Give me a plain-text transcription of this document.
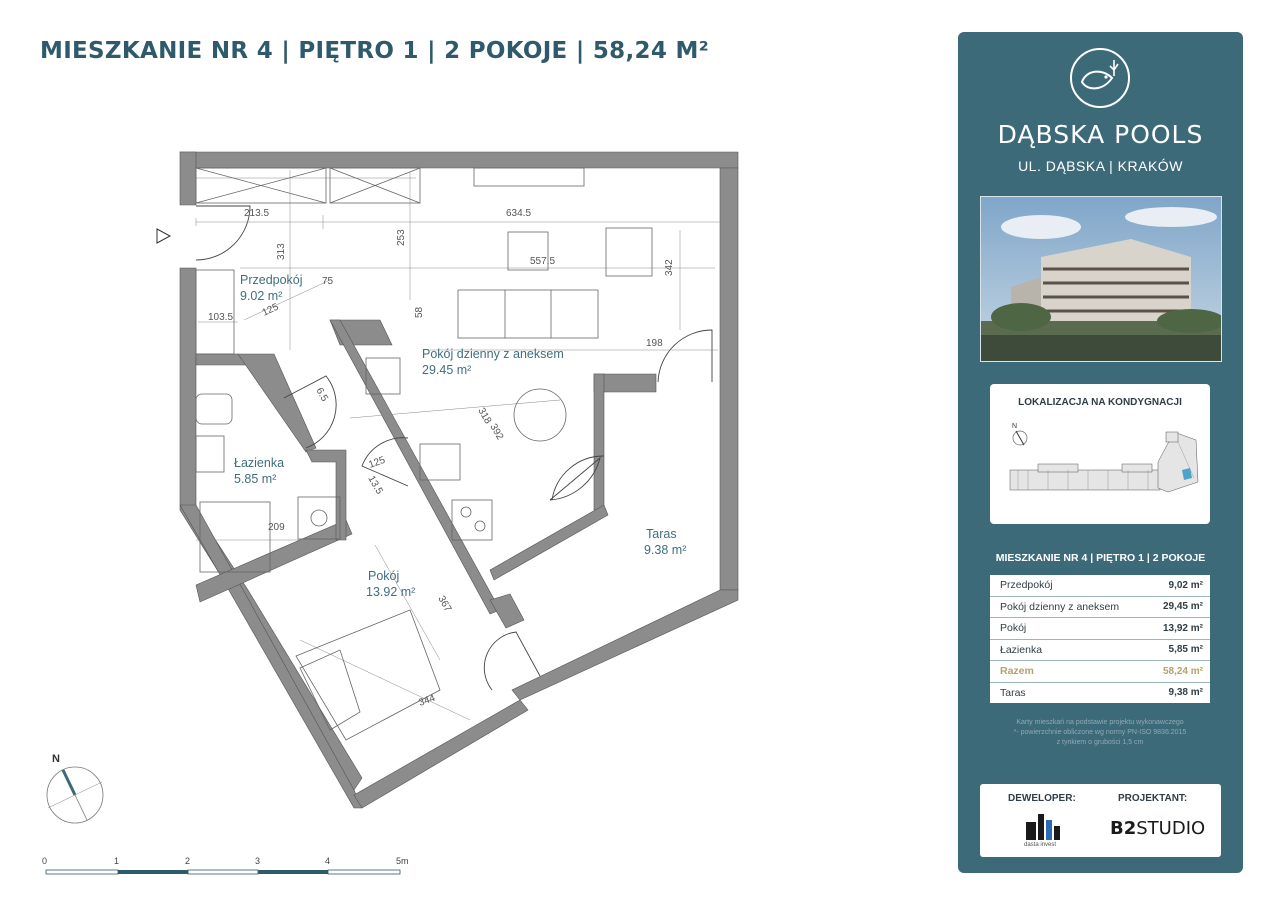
MIESZKANIE NR 4 | PIĘTRO 1 | 2 POKOJE | 58,24 M²
Przedpokój
9.02 m²
Pokój dzienny z aneksem
29.45 m²
Łazienka
5.85 m²
Pokój
13.92 m²
Taras
9.38 m²
213.5	634.5
557.5
313
253
342
75
125
103.5	58
198
318
392
6.5
125
13.5
209
367
344
N
0	1	2	3	4	5m
DĄBSKA POOLS
UL. DĄBSKA | KRAKÓW
LOKALIZACJA NA KONDYGNACJI
N
MIESZKANIE NR 4 | PIĘTRO 1 | 2 POKOJE
Przedpokój	9,02 m²
Pokój dzienny z aneksem	29,45 m²
Pokój	13,92 m²
Łazienka	5,85 m²
Razem	58,24 m²
Taras	9,38 m²
Karty mieszkań na podstawie projektu wykonawczego
*- powierzchnie obliczone wg normy PN-ISO 9836:2015
z tynkiem o grubości 1,5 cm
DEWELOPER:	PROJEKTANT:
dasta invest
B2STUDIO
